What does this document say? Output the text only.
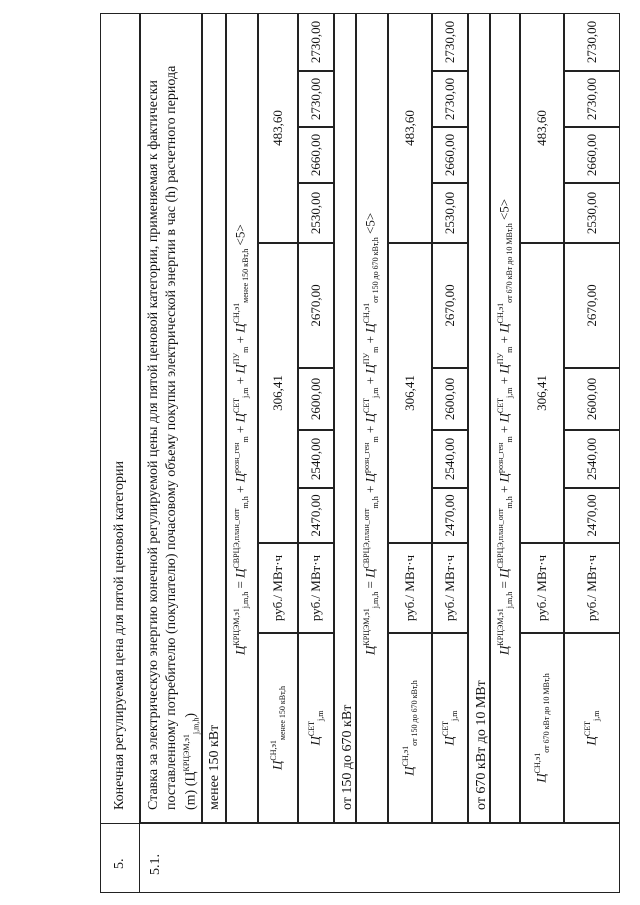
5.
Конечная регулируемая цена для пятой ценовой категории
5.1.
Ставка за электрическую энергию конечной регулируемой цены для пятой ценовой категории, применяемая к фактически поставленному потребителю (покупателю) почасовому объему покупки электрической энергии в час (h) расчетного периода (m) $(Ц^{КРЦЭМ,э1}_{j,m,h})$
менее 150 кВт
$Ц^{КРЦЭМ,э1}_{j,m,h} = Ц^{СВРЦЭ,план\_опт}_{m,h} + Ц^{розн\_ген}_m + Ц^{СЕТ}_{j,m} + Ц^{ПУ}_m + Ц^{СН,э1}_{менее 150 кВт,h} <5>$
$Ц^{СН,э1}_{менее 150 кВт,h}$
руб./ МВт·ч
306,41
483,60
$Ц^{СЕТ}_{j,m}$
руб./ МВт·ч
2470,00
2540,00
2600,00
2670,00
2530,00
2660,00
2730,00
2730,00
от 150 до 670 кВт
$Ц^{КРЦЭМ,э1}_{j,m,h} = Ц^{СВРЦЭ,план\_опт}_{m,h} + Ц^{розн\_ген}_m + Ц^{СЕТ}_{j,m} + Ц^{ПУ}_m + Ц^{СН,э1}_{от 150 до 670 кВт,h} <5>$
$Ц^{СН,э1}_{от 150 до 670 кВт,h}$
руб./ МВт·ч
306,41
483,60
$Ц^{СЕТ}_{j,m}$
руб./ МВт·ч
2470,00
2540,00
2600,00
2670,00
2530,00
2660,00
2730,00
2730,00
от 670 кВт до 10 МВт
$Ц^{КРЦЭМ,э1}_{j,m,h} = Ц^{СВРЦЭ,план\_опт}_{m,h} + Ц^{розн\_ген}_m + Ц^{СЕТ}_{j,m} + Ц^{ПУ}_m + Ц^{СН,э1}_{от 670 кВт до 10 МВт,h} <5>$
$Ц^{СН,э1}_{от 670 кВт до 10 МВт,h}$
руб./ МВт·ч
306,41
483,60
$Ц^{СЕТ}_{j,m}$
руб./ МВт·ч
2470,00
2540,00
2600,00
2670,00
2530,00
2660,00
2730,00
2730,00
